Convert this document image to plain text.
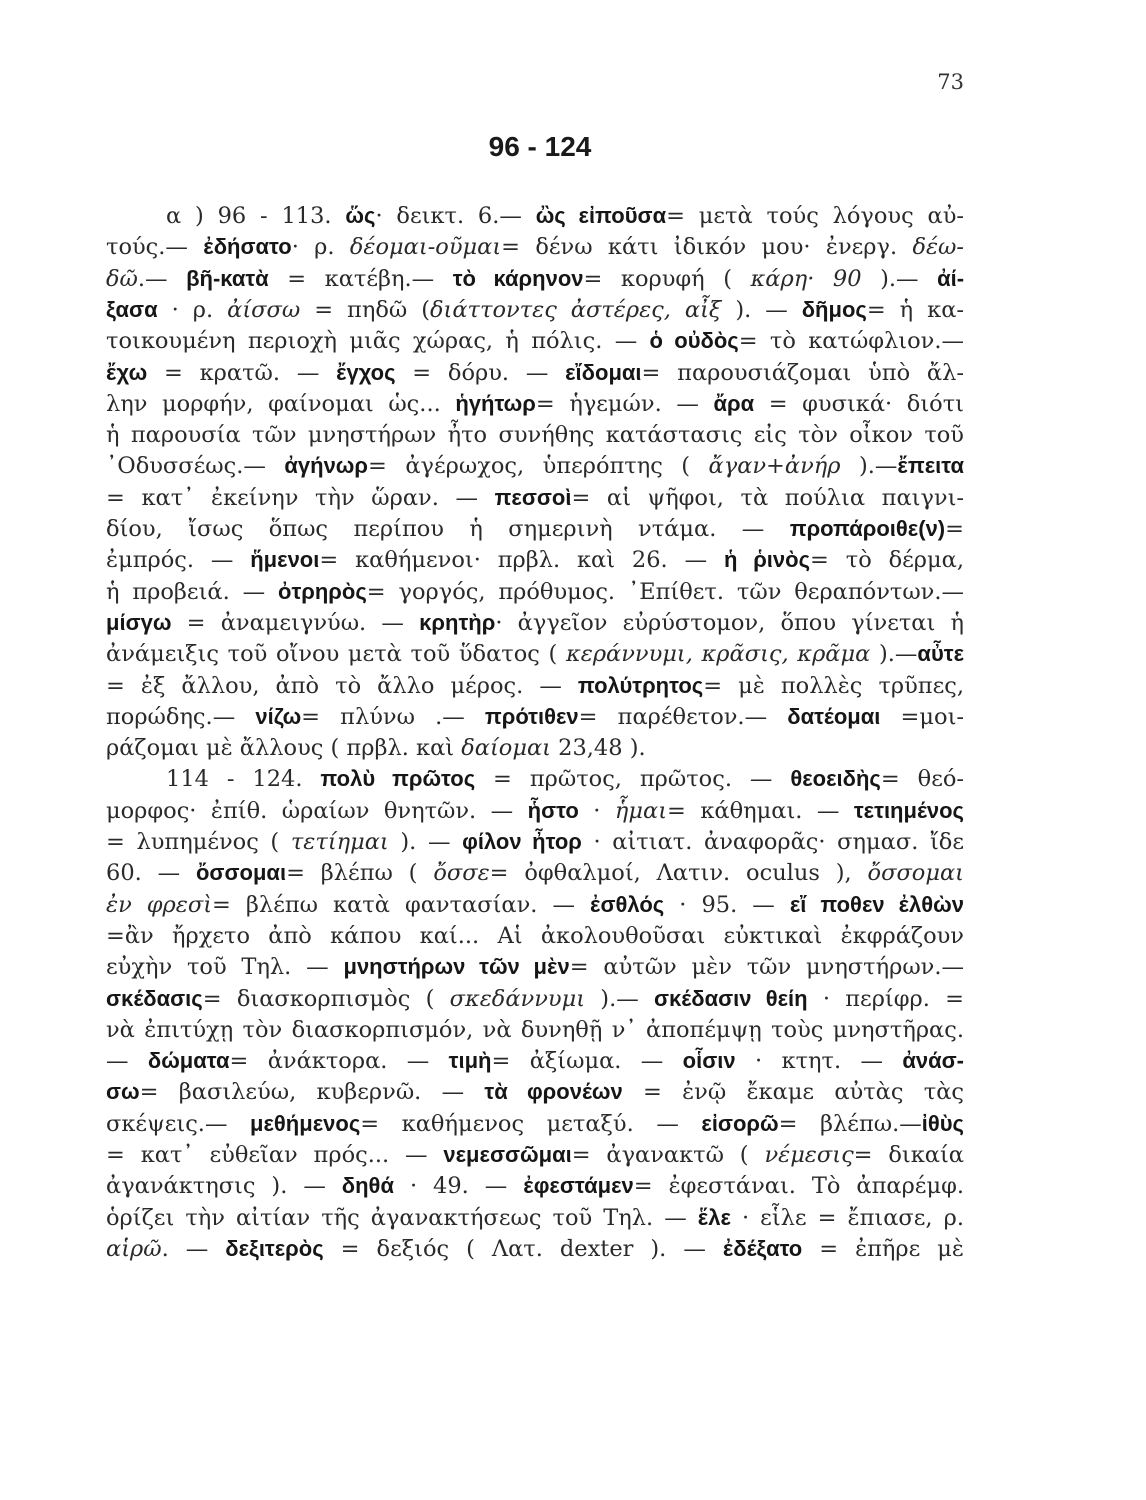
73
96 - 124
α ) 96 - 113. ὥς· δεικτ. 6.— ὢς εἰποῦσα= μετὰ τούς λόγους αὐ-
τούς.— ἐδήσατο· ρ. δέομαι-οῦμαι= δένω κάτι ἰδικόν μου· ἐνεργ. δέω-
δῶ.— βῆ-κατὰ = κατέβη.— τὸ κάρηνον= κορυφή ( κάρη· 90 ).— ἀί-
ξασα · ρ. ἀίσσω = πηδῶ (διάττοντες ἀστέρες, αἶξ ). — δῆμος= ἡ κα-
τοικουμένη περιοχὴ μιᾶς χώρας, ἡ πόλις. — ὁ οὐδὸς= τὸ κατώφλιον.—
ἔχω = κρατῶ. — ἔγχος = δόρυ. — εἴδομαι= παρουσιάζομαι ὑπὸ ἄλ-
λην μορφήν, φαίνομαι ὡς... ἡγήτωρ= ἡγεμών. — ἄρα = φυσικά· διότι
ἡ παρουσία τῶν μνηστήρων ἦτο συνήθης κατάστασις εἰς τὸν οἶκον τοῦ
᾽Οδυσσέως.— ἀγήνωρ= ἀγέρωχος, ὑπερόπτης ( ἄγαν+ἀνήρ ).—ἔπειτα
= κατ᾽ ἐκείνην τὴν ὥραν. — πεσσοὶ= αἱ ψῆφοι, τὰ πούλια παιγνι-
δίου, ἴσως ὅπως περίπου ἡ σημερινὴ ντάμα. — προπάροιθε(ν)=
ἐμπρός. — ἥμενοι= καθήμενοι· πρβλ. καὶ 26. — ἡ ῥινὸς= τὸ δέρμα,
ἡ προβειά. — ὀτρηρὸς= γοργός, πρόθυμος. ᾽Επίθετ. τῶν θεραπόντων.—
μίσγω = ἀναμειγνύω. — κρητὴρ· ἀγγεῖον εὐρύστομον, ὅπου γίνεται ἡ
ἀνάμειξις τοῦ οἴνου μετὰ τοῦ ὕδατος ( κεράννυμι, κρᾶσις, κρᾶμα ).—αὖτε
= ἐξ ἄλλου, ἀπὸ τὸ ἄλλο μέρος. — πολύτρητος= μὲ πολλὲς τρῦπες,
πορώδης.— νίζω= πλύνω .— πρότιθεν= παρέθετον.— δατέομαι =μοι-
ράζομαι μὲ ἄλλους ( πρβλ. καὶ δαίομαι 23,48 ).
114 - 124. πολὺ πρῶτος = πρῶτος, πρῶτος. — θεοειδὴς= θεό-
μορφος· ἐπίθ. ὡραίων θνητῶν. — ἧστο · ἧμαι= κάθημαι. — τετιημένος
= λυπημένος ( τετίημαι ). — φίλον ἦτορ · αἰτιατ. ἀναφορᾶς· σημασ. ἴδε
60. — ὄσσομαι= βλέπω ( ὄσσε= ὀφθαλμοί, Λατιν. oculus ), ὄσσομαι
ἐν φρεσὶ= βλέπω κατὰ φαντασίαν. — ἐσθλός · 95. — εἴ ποθεν ἐλθὼν
=ἂν ἤρχετο ἀπὸ κάπου καί... Αἱ ἀκολουθοῦσαι εὐκτικαὶ ἐκφράζουν
εὐχὴν τοῦ Τηλ. — μνηστήρων τῶν μὲν= αὐτῶν μὲν τῶν μνηστήρων.—
σκέδασις= διασκορπισμὸς ( σκεδάννυμι ).— σκέδασιν θείη · περίφρ. =
νὰ ἐπιτύχῃ τὸν διασκορπισμόν, νὰ δυνηθῇ ν᾽ ἀποπέμψῃ τοὺς μνηστῆρας.
— δώματα= ἀνάκτορα. — τιμὴ= ἀξίωμα. — οἷσιν · κτητ. — ἀνάσ-
σω= βασιλεύω, κυβερνῶ. — τὰ φρονέων = ἐνῷ ἔκαμε αὐτὰς τὰς
σκέψεις.— μεθήμενος= καθήμενος μεταξύ. — εἰσορῶ= βλέπω.—ἰθὺς
= κατ᾽ εὐθεῖαν πρός... — νεμεσσῶμαι= ἀγανακτῶ ( νέμεσις= δικαία
ἀγανάκτησις ). — δηθά · 49. — ἐφεστάμεν= ἐφεστάναι. Τὸ ἀπαρέμφ.
ὁρίζει τὴν αἰτίαν τῆς ἀγανακτήσεως τοῦ Τηλ. — ἕλε · εἷλε = ἔπιασε, ρ.
αἱρῶ. — δεξιτερὸς = δεξιός ( Λατ. dexter ). — ἐδέξατο = ἐπῆρε μὲ
